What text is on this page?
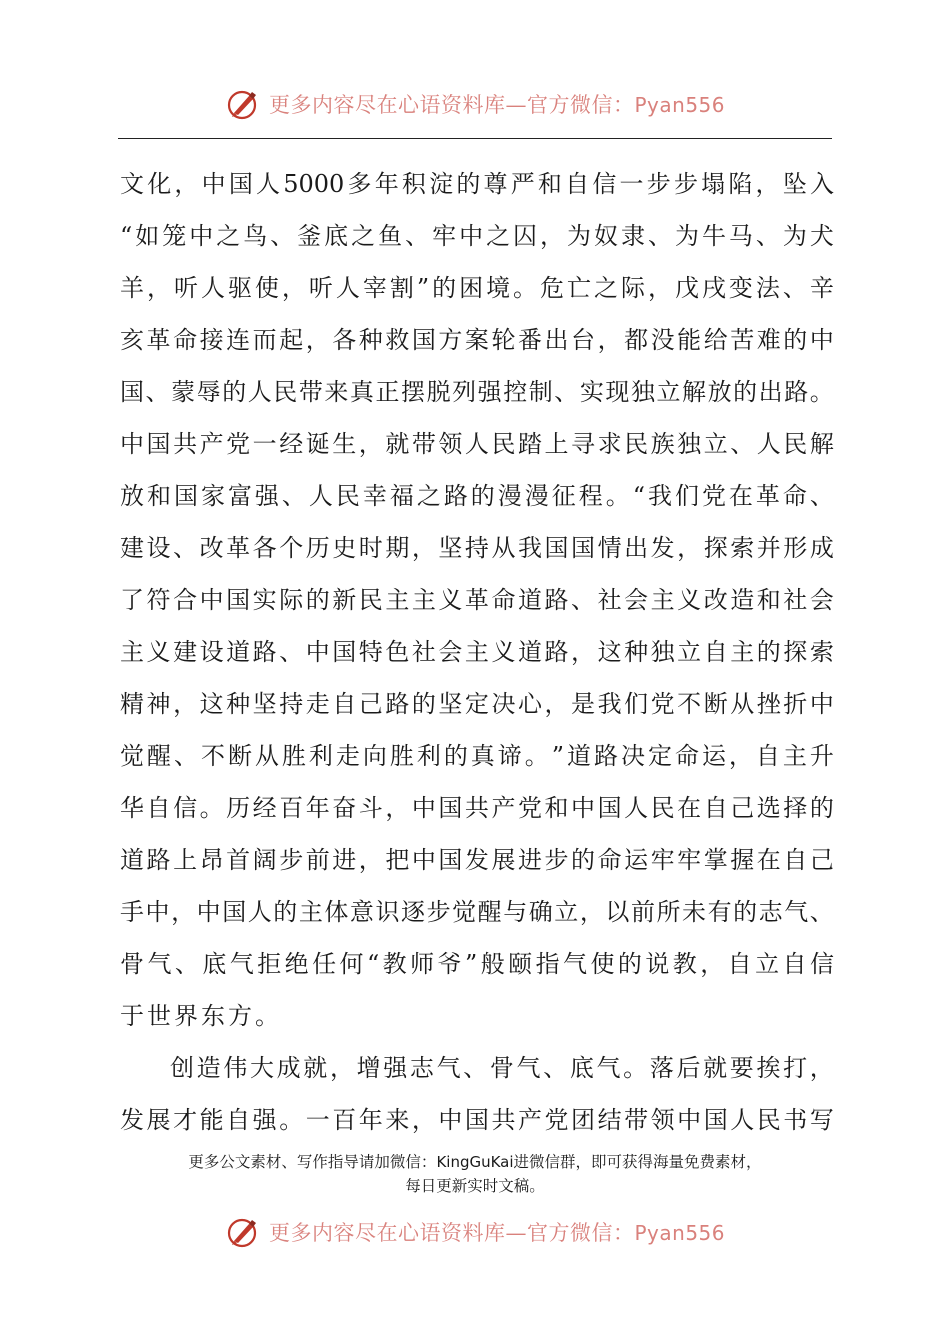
更多内容尽在心语资料库—官方微信：Pyan556
文 化 ， 中 国 人 5000 多 年 积 淀 的 尊 严 和 自 信 一 步 步 塌 陷 ， 坠 入
“ 如 笼 中 之 鸟 、 釜 底 之 鱼 、 牢 中 之 囚 ， 为 奴 隶 、 为 牛 马 、 为 犬
羊 ， 听 人 驱 使 ， 听 人 宰 割 ” 的 困 境 。 危 亡 之 际 ， 戊 戌 变 法 、 辛
亥 革 命 接 连 而 起 ， 各 种 救 国 方 案 轮 番 出 台 ， 都 没 能 给 苦 难 的 中
国 、 蒙 辱 的 人 民 带 来 真 正 摆 脱 列 强 控 制 、 实 现 独 立 解 放 的 出 路 。
中 国 共 产 党 一 经 诞 生 ， 就 带 领 人 民 踏 上 寻 求 民 族 独 立 、 人 民 解
放 和 国 家 富 强 、 人 民 幸 福 之 路 的 漫 漫 征 程 。 “ 我 们 党 在 革 命 、
建 设 、 改 革 各 个 历 史 时 期 ， 坚 持 从 我 国 国 情 出 发 ， 探 索 并 形 成
了 符 合 中 国 实 际 的 新 民 主 主 义 革 命 道 路 、 社 会 主 义 改 造 和 社 会
主 义 建 设 道 路 、 中 国 特 色 社 会 主 义 道 路 ， 这 种 独 立 自 主 的 探 索
精 神 ， 这 种 坚 持 走 自 己 路 的 坚 定 决 心 ， 是 我 们 党 不 断 从 挫 折 中
觉 醒 、 不 断 从 胜 利 走 向 胜 利 的 真 谛 。 ” 道 路 决 定 命 运 ， 自 主 升
华 自 信 。 历 经 百 年 奋 斗 ， 中 国 共 产 党 和 中 国 人 民 在 自 己 选 择 的
道 路 上 昂 首 阔 步 前 进 ， 把 中 国 发 展 进 步 的 命 运 牢 牢 掌 握 在 自 己
手 中 ， 中 国 人 的 主 体 意 识 逐 步 觉 醒 与 确 立 ， 以 前 所 未 有 的 志 气 、
骨 气 、 底 气 拒 绝 任 何 “ 教 师 爷 ” 般 颐 指 气 使 的 说 教 ， 自 立 自 信
于世界东方。
创 造 伟 大 成 就 ， 增 强 志 气 、 骨 气 、 底 气 。 落 后 就 要 挨 打 ，
发 展 才 能 自 强 。 一 百 年 来 ， 中 国 共 产 党 团 结 带 领 中 国 人 民 书 写
更多公文素材、写作指导请加微信：KingGuKai进微信群，即可获得海量免费素材，
每日更新实时文稿。
更多内容尽在心语资料库—官方微信：Pyan556
